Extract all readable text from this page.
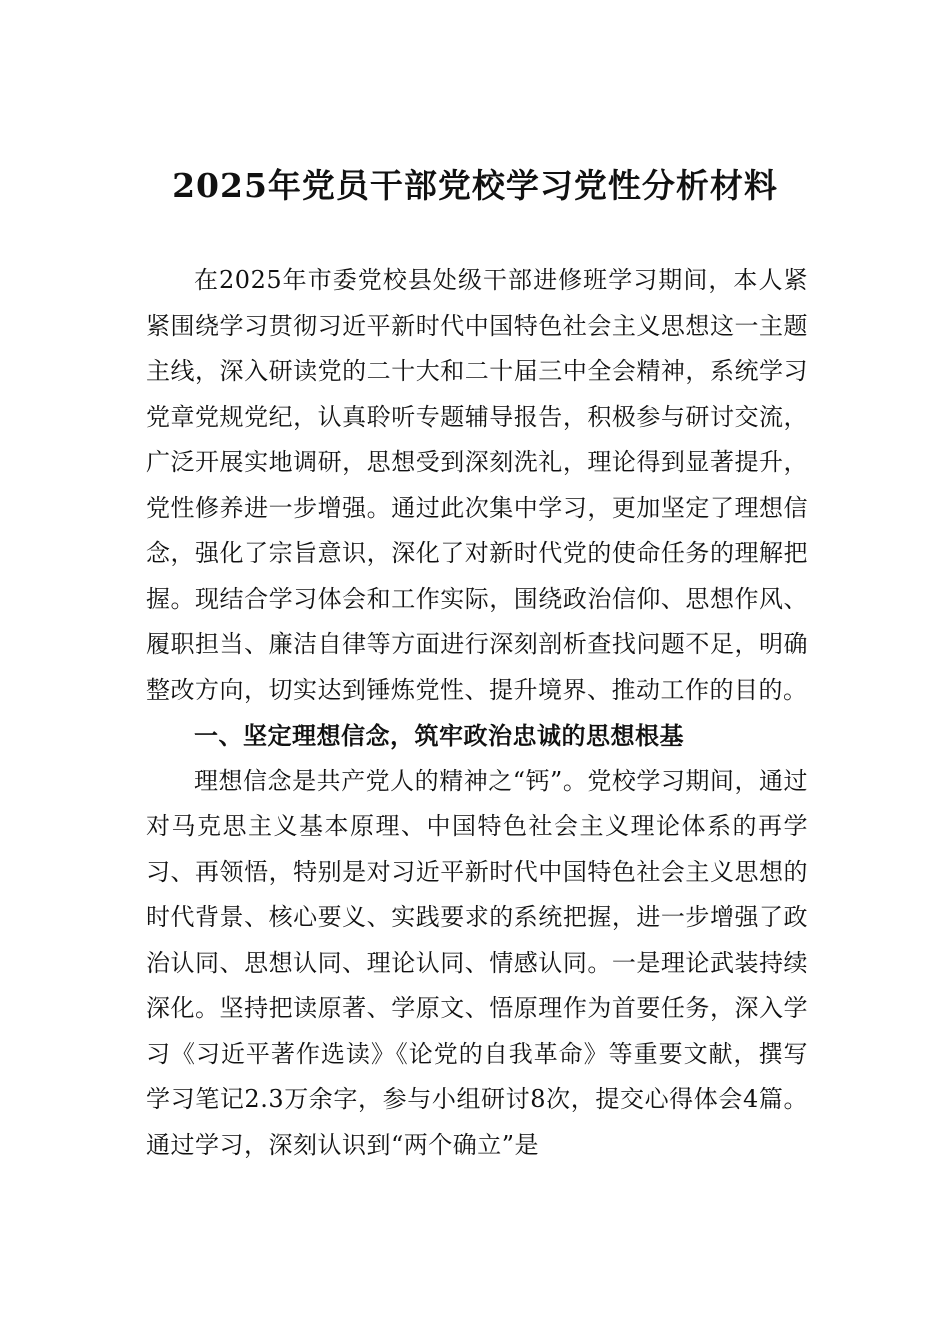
2025年党员干部党校学习党性分析材料

在2025年市委党校县处级干部进修班学习期间，本人紧紧围绕学习贯彻习近平新时代中国特色社会主义思想这一主题主线，深入研读党的二十大和二十届三中全会精神，系统学习党章党规党纪，认真聆听专题辅导报告，积极参与研讨交流，广泛开展实地调研，思想受到深刻洗礼，理论得到显著提升，党性修养进一步增强。通过此次集中学习，更加坚定了理想信念，强化了宗旨意识，深化了对新时代党的使命任务的理解把握。现结合学习体会和工作实际，围绕政治信仰、思想作风、履职担当、廉洁自律等方面进行深刻剖析查找问题不足，明确整改方向，切实达到锤炼党性、提升境界、推动工作的目的。

一、坚定理想信念，筑牢政治忠诚的思想根基

理想信念是共产党人的精神之“钙”。党校学习期间，通过对马克思主义基本原理、中国特色社会主义理论体系的再学习、再领悟，特别是对习近平新时代中国特色社会主义思想的时代背景、核心要义、实践要求的系统把握，进一步增强了政治认同、思想认同、理论认同、情感认同。一是理论武装持续深化。坚持把读原著、学原文、悟原理作为首要任务，深入学习《习近平著作选读》《论党的自我革命》等重要文献，撰写学习笔记2.3万余字，参与小组研讨8次，提交心得体会4篇。通过学习，深刻认识到“两个确立”是
